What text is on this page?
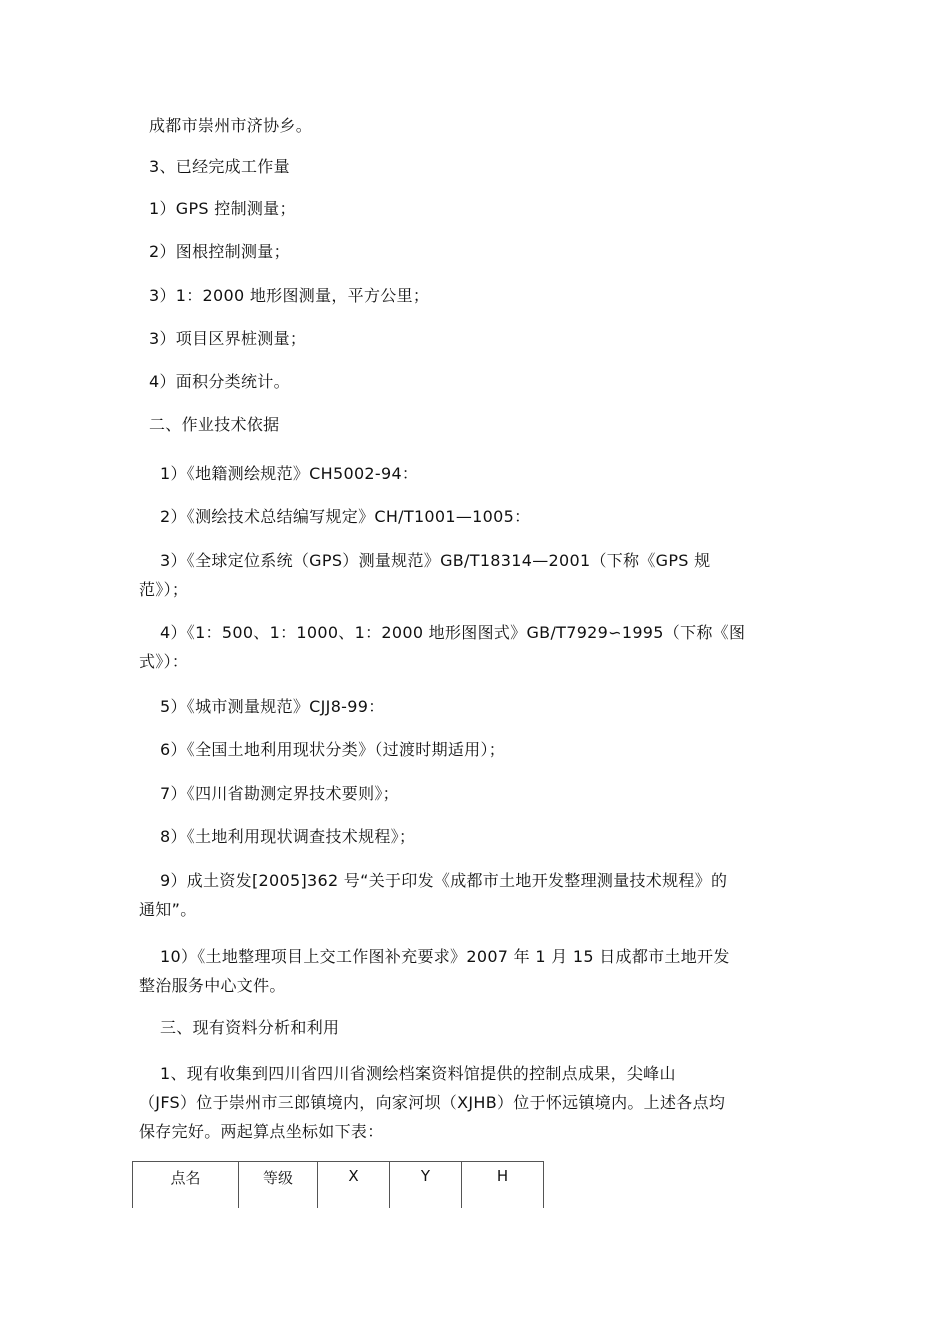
成都市崇州市济协乡。
3、已经完成工作量
1）GPS 控制测量；
2）图根控制测量；
3）1：2000 地形图测量，平方公里；
3）项目区界桩测量；
4）面积分类统计。
二、作业技术依据
1）《地籍测绘规范》CH5002-94：
2）《测绘技术总结编写规定》CH/T1001—1005：
3）《全球定位系统（GPS）测量规范》GB/T18314—2001（下称《GPS 规
范》）；
4）《1：500、1：1000、1：2000 地形图图式》GB/T7929∽1995（下称《图
式》）：
5）《城市测量规范》CJJ8-99：
6）《全国土地利用现状分类》（过渡时期适用）；
7）《四川省勘测定界技术要则》；
8）《土地利用现状调查技术规程》；
9）成土资发[2005]362 号“关于印发《成都市土地开发整理测量技术规程》的
通知”。
10）《土地整理项目上交工作图补充要求》2007 年 1 月 15 日成都市土地开发
整治服务中心文件。
三、现有资料分析和利用
1、现有收集到四川省四川省测绘档案资料馆提供的控制点成果，尖峰山
（JFS）位于崇州市三郎镇境内，向家河坝（XJHB）位于怀远镇境内。上述各点均
保存完好。两起算点坐标如下表：
点名	等级	X	Y	H
